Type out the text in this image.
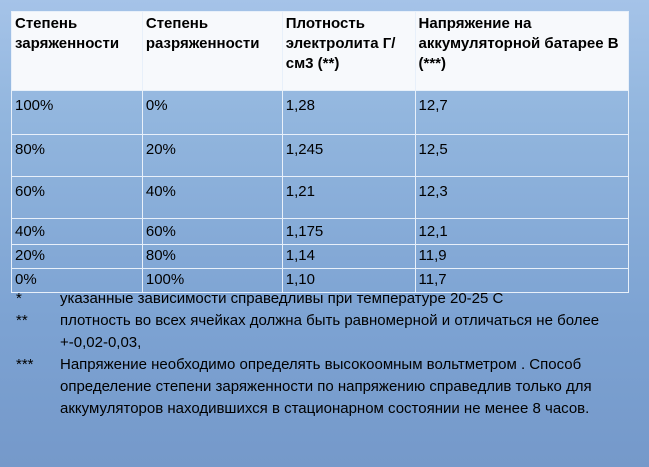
Степень заряженности	Степень разряженности	Плотность электролита Г/см3 (**)	Напряжение на аккумуляторной батарее В (***)
100%	0%	1,28	12,7
80%	20%	1,245	12,5
60%	40%	1,21	12,3
40%	60%	1,175	12,1
20%	80%	1,14	11,9
0%	100%	1,10	11,7
*	указанные зависимости справедливы при температуре 20-25 С
**	плотность во всех ячейках должна быть равномерной и отличаться не более +-0,02-0,03,
***	Напряжение необходимо определять высокоомным вольтметром . Способ определение степени заряженности по напряжению справедлив только для аккумуляторов находившихся в стационарном состоянии не менее 8 часов.
